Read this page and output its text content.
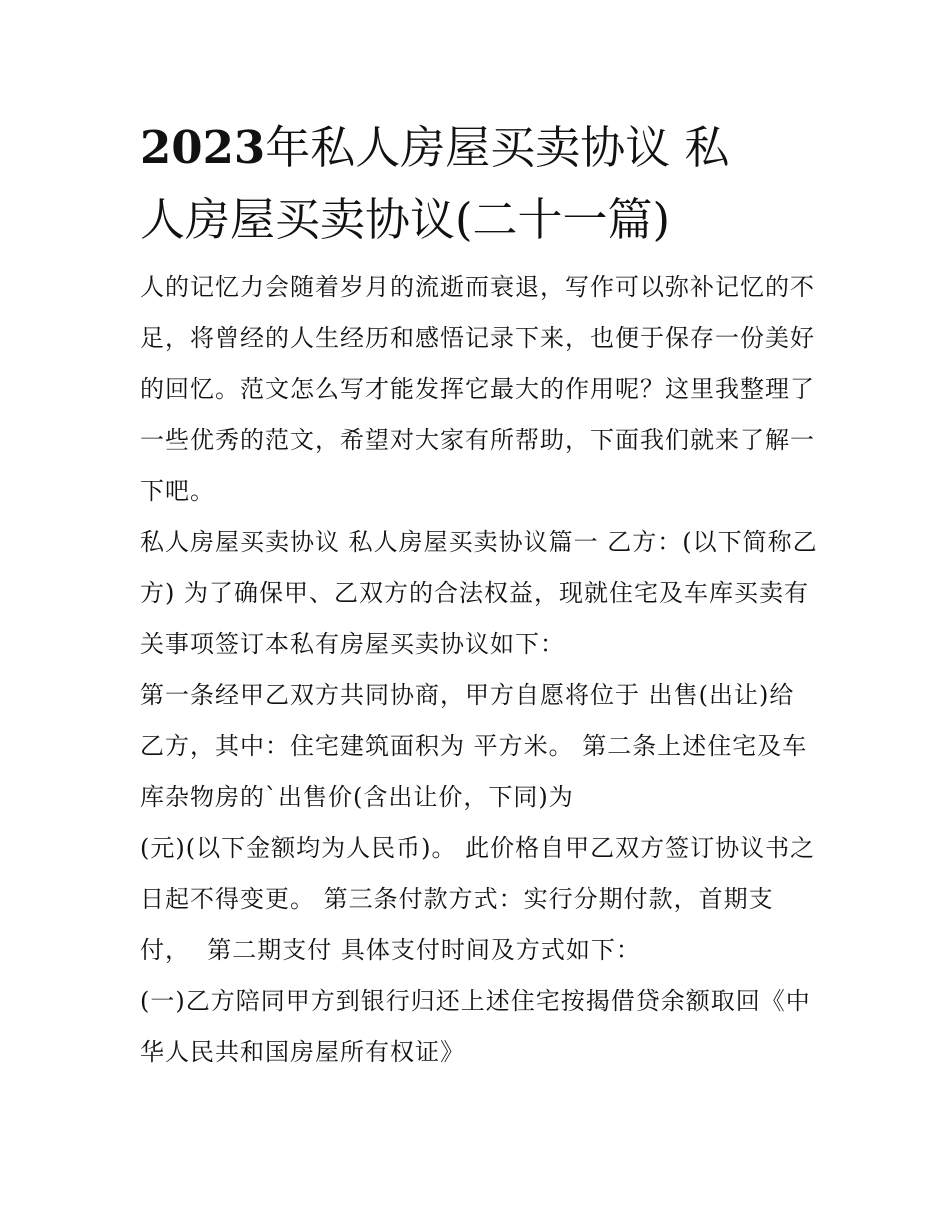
2023年私人房屋买卖协议 私
人房屋买卖协议(二十一篇)

人的记忆力会随着岁月的流逝而衰退，写作可以弥补记忆的不
足，将曾经的人生经历和感悟记录下来，也便于保存一份美好
的回忆。范文怎么写才能发挥它最大的作用呢？这里我整理了
一些优秀的范文，希望对大家有所帮助，下面我们就来了解一
下吧。

私人房屋买卖协议 私人房屋买卖协议篇一 乙方：(以下简称乙
方) 为了确保甲、乙双方的合法权益，现就住宅及车库买卖有
关事项签订本私有房屋买卖协议如下：

第一条经甲乙双方共同协商，甲方自愿将位于 出售(出让)给
乙方，其中：住宅建筑面积为 平方米。 第二条上述住宅及车
库杂物房的`出售价(含出让价，下同)为

(元)(以下金额均为人民币)。 此价格自甲乙双方签订协议书之
日起不得变更。 第三条付款方式：实行分期付款，首期支
付，  第二期支付 具体支付时间及方式如下：

(一)乙方陪同甲方到银行归还上述住宅按揭借贷余额取回《中
华人民共和国房屋所有权证》
